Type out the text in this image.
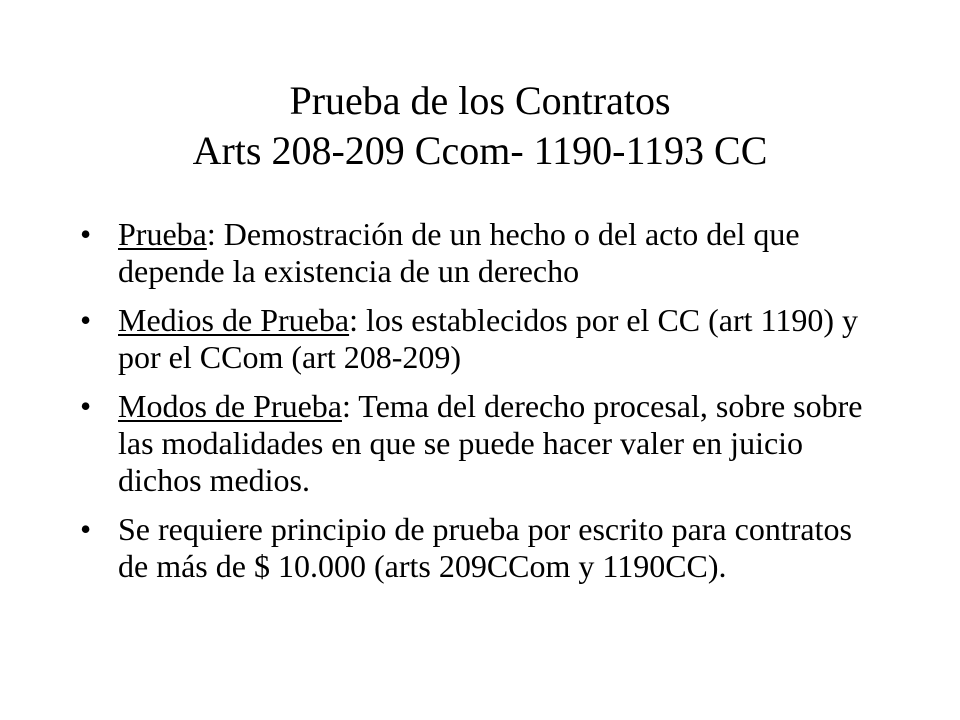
Prueba de los Contratos
Arts 208-209 Ccom- 1190-1193 CC
• Prueba: Demostración de un hecho o del acto del que depende la existencia de un derecho
• Medios de Prueba: los establecidos por el CC (art 1190) y por el CCom (art 208-209)
• Modos de Prueba: Tema del derecho procesal, sobre sobre las modalidades en que se puede hacer valer en juicio dichos medios.
• Se requiere principio de prueba por escrito para contratos de más de $ 10.000 (arts 209CCom y 1190CC).
